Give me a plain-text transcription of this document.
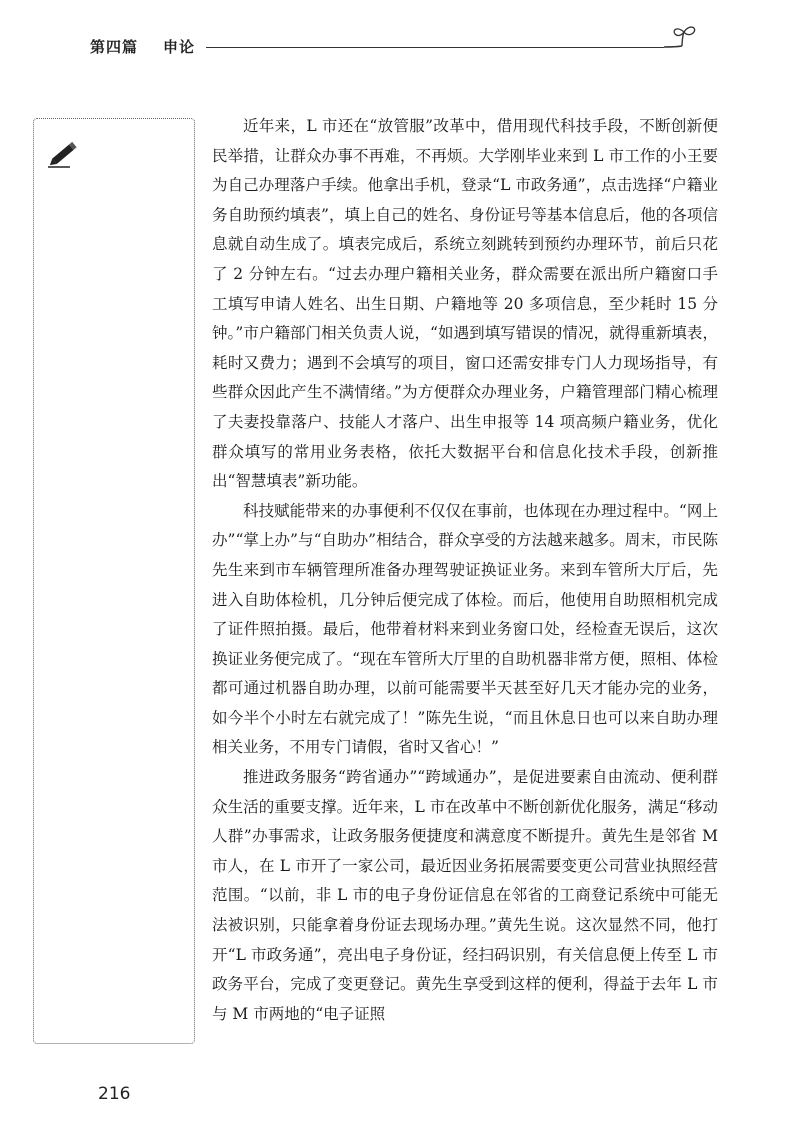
第四篇 申论

近年来，L 市还在“放管服”改革中，借用现代科技手段，不断创新便民举措，让群众办事不再难，不再烦。大学刚毕业来到 L 市工作的小王要为自己办理落户手续。他拿出手机，登录“L 市政务通”，点击选择“户籍业务自助预约填表”，填上自己的姓名、身份证号等基本信息后，他的各项信息就自动生成了。填表完成后，系统立刻跳转到预约办理环节，前后只花了 2 分钟左右。“过去办理户籍相关业务，群众需要在派出所户籍窗口手工填写申请人姓名、出生日期、户籍地等 20 多项信息，至少耗时 15 分钟。”市户籍部门相关负责人说，“如遇到填写错误的情况，就得重新填表，耗时又费力；遇到不会填写的项目，窗口还需安排专门人力现场指导，有些群众因此产生不满情绪。”为方便群众办理业务，户籍管理部门精心梳理了夫妻投靠落户、技能人才落户、出生申报等 14 项高频户籍业务，优化群众填写的常用业务表格，依托大数据平台和信息化技术手段，创新推出“智慧填表”新功能。

科技赋能带来的办事便利不仅仅在事前，也体现在办理过程中。“网上办”“掌上办”与“自助办”相结合，群众享受的方法越来越多。周末，市民陈先生来到市车辆管理所准备办理驾驶证换证业务。来到车管所大厅后，先进入自助体检机，几分钟后便完成了体检。而后，他使用自助照相机完成了证件照拍摄。最后，他带着材料来到业务窗口处，经检查无误后，这次换证业务便完成了。“现在车管所大厅里的自助机器非常方便，照相、体检都可通过机器自助办理，以前可能需要半天甚至好几天才能办完的业务，如今半个小时左右就完成了！”陈先生说，“而且休息日也可以来自助办理相关业务，不用专门请假，省时又省心！”

推进政务服务“跨省通办”“跨域通办”，是促进要素自由流动、便利群众生活的重要支撑。近年来，L 市在改革中不断创新优化服务，满足“移动人群”办事需求，让政务服务便捷度和满意度不断提升。黄先生是邻省 M 市人，在 L 市开了一家公司，最近因业务拓展需要变更公司营业执照经营范围。“以前，非 L 市的电子身份证信息在邻省的工商登记系统中可能无法被识别，只能拿着身份证去现场办理。”黄先生说。这次显然不同，他打开“L 市政务通”，亮出电子身份证，经扫码识别，有关信息便上传至 L 市政务平台，完成了变更登记。黄先生享受到这样的便利，得益于去年 L 市与 M 市两地的“电子证照

216
